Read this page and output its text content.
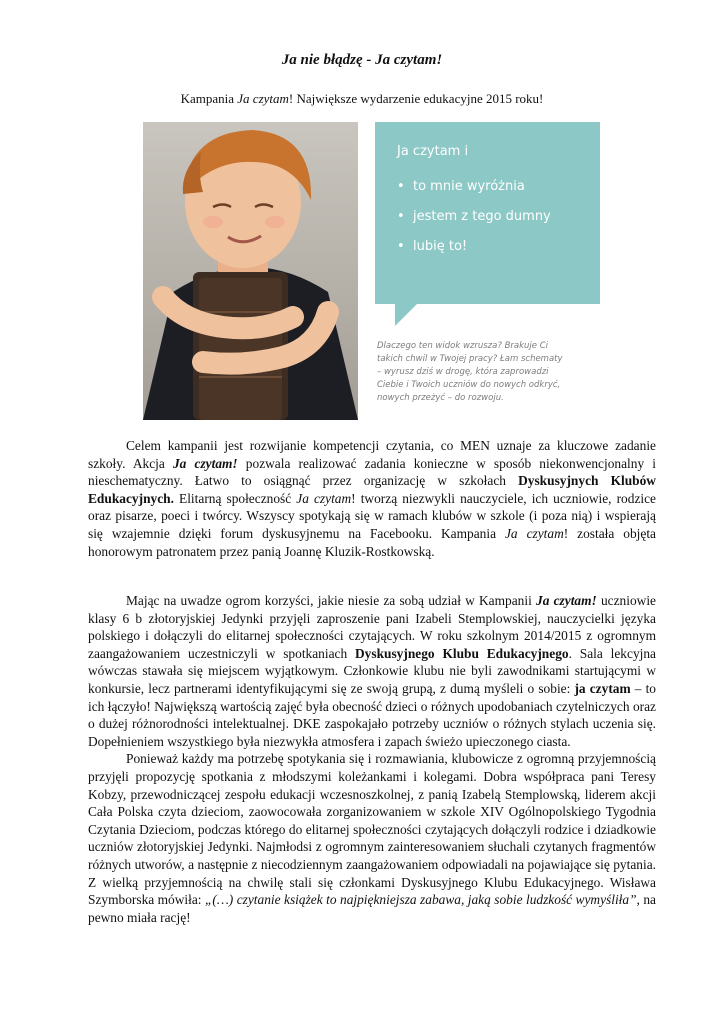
Ja nie błądzę - Ja czytam!
Kampania Ja czytam! Największe wydarzenie edukacyjne 2015 roku!
Ja czytam i
• to mnie wyróżnia
• jestem z tego dumny
• lubię to!
Dlaczego ten widok wzrusza? Brakuje Ci
takich chwil w Twojej pracy? Łam schematy
– wyrusz dziś w drogę, która zaprowadzi
Ciebie i Twoich uczniów do nowych odkryć,
nowych przeżyć – do rozwoju.

Celem kampanii jest rozwijanie kompetencji czytania, co MEN uznaje za kluczowe zadanie szkoły. Akcja Ja czytam! pozwala realizować zadania konieczne w sposób niekonwencjonalny i nieschematyczny. Łatwo to osiągnąć przez organizację w szkołach Dyskusyjnych Klubów Edukacyjnych. Elitarną społeczność Ja czytam! tworzą niezwykli nauczyciele, ich uczniowie, rodzice oraz pisarze, poeci i twórcy. Wszyscy spotykają się w ramach klubów w szkole (i poza nią) i wspierają się wzajemnie dzięki forum dyskusyjnemu na Facebooku. Kampania Ja czytam! została objęta honorowym patronatem przez panią Joannę Kluzik-Rostkowską.

Mając na uwadze ogrom korzyści, jakie niesie za sobą udział w Kampanii Ja czytam! uczniowie klasy 6 b złotoryjskiej Jedynki przyjęli zaproszenie pani Izabeli Stemplowskiej, nauczycielki języka polskiego i dołączyli do elitarnej społeczności czytających. W roku szkolnym 2014/2015 z ogromnym zaangażowaniem uczestniczyli w spotkaniach Dyskusyjnego Klubu Edukacyjnego. Sala lekcyjna wówczas stawała się miejscem wyjątkowym. Członkowie klubu nie byli zawodnikami startującymi w konkursie, lecz partnerami identyfikującymi się ze swoją grupą, z dumą myśleli o sobie: ja czytam – to ich łączyło! Największą wartością zajęć była obecność dzieci o różnych upodobaniach czytelniczych oraz o dużej różnorodności intelektualnej. DKE zaspokajało potrzeby uczniów o różnych stylach uczenia się. Dopełnieniem wszystkiego była niezwykła atmosfera i zapach świeżo upieczonego ciasta.

Ponieważ każdy ma potrzebę spotykania się i rozmawiania, klubowicze z ogromną przyjemnością przyjęli propozycję spotkania z młodszymi koleżankami i kolegami. Dobra współpraca pani Teresy Kobzy, przewodniczącej zespołu edukacji wczesnoszkolnej, z panią Izabelą Stemplowską, liderem akcji Cała Polska czyta dzieciom, zaowocowała zorganizowaniem w szkole XIV Ogólnopolskiego Tygodnia Czytania Dzieciom, podczas którego do elitarnej społeczności czytających dołączyli rodzice i dziadkowie uczniów złotoryjskiej Jedynki. Najmłodsi z ogromnym zainteresowaniem słuchali czytanych fragmentów różnych utworów, a następnie z niecodziennym zaangażowaniem odpowiadali na pojawiające się pytania. Z wielką przyjemnością na chwilę stali się członkami Dyskusyjnego Klubu Edukacyjnego. Wisława Szymborska mówiła: „(…) czytanie książek to najpiękniejsza zabawa, jaką sobie ludzkość wymyśliła”, na pewno miała rację!
